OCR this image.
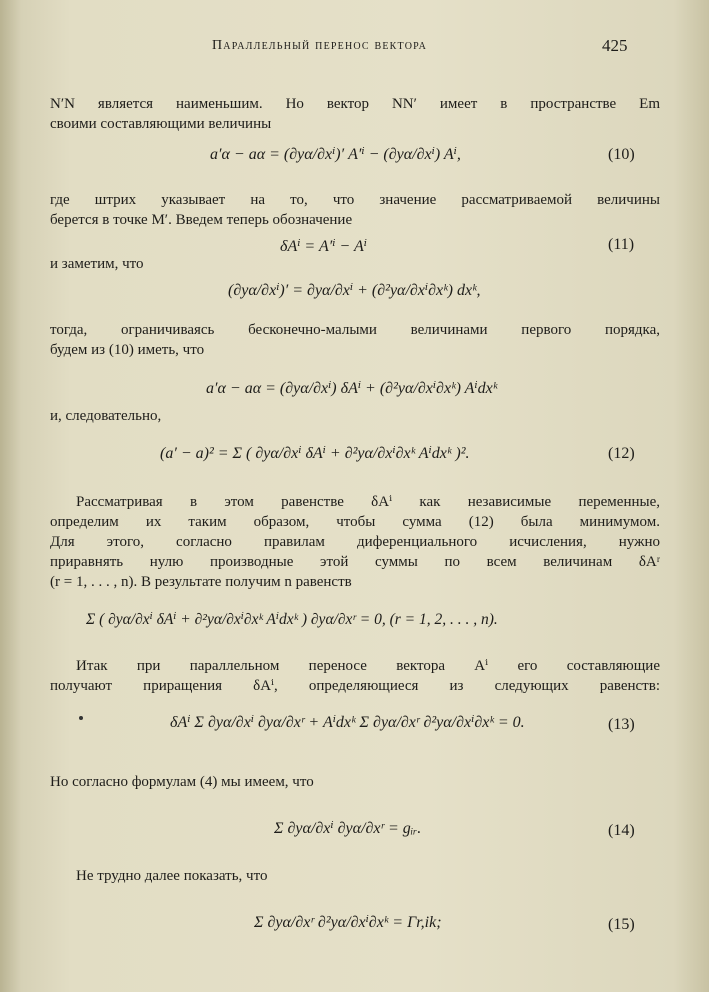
Параллельный перенос вектора	425
N′N является наименьшим. Но вектор NN′ имеет в пространстве Em
своими составляющими величины
a′α − aα = (∂yα/∂xⁱ)′ A′ⁱ − (∂yα/∂xⁱ) Aⁱ,	(10)
где штрих указывает на то, что значение рассматриваемой величины
берется в точке M′. Введем теперь обозначение
δAⁱ = A′ⁱ − Aⁱ	(11)
и заметим, что
(∂yα/∂xⁱ)′ = ∂yα/∂xⁱ + (∂²yα/∂xⁱ∂xᵏ) dxᵏ,
тогда, ограничиваясь бесконечно-малыми величинами первого порядка,
будем из (10) иметь, что
a′α − aα = (∂yα/∂xⁱ) δAⁱ + (∂²yα/∂xⁱ∂xᵏ) Aⁱdxᵏ
и, следовательно,
(a′ − a)² = Σ ( ∂yα/∂xⁱ δAⁱ + ∂²yα/∂xⁱ∂xᵏ Aⁱdxᵏ )².	(12)
Рассматривая в этом равенстве δAⁱ как независимые переменные,
определим их таким образом, чтобы сумма (12) была минимумом.
Для этого, согласно правилам диференциального исчисления, нужно
приравнять нулю производные этой суммы по всем величинам δAʳ
(r = 1, . . . , n). В результате получим n равенств
Σ ( ∂yα/∂xⁱ δAⁱ + ∂²yα/∂xⁱ∂xᵏ Aⁱdxᵏ ) ∂yα/∂xʳ = 0, (r = 1, 2, . . . , n).
Итак при параллельном переносе вектора Aⁱ его составляющие
получают приращения δAⁱ, определяющиеся из следующих равенств:
δAⁱ Σ ∂yα/∂xⁱ ∂yα/∂xʳ + Aⁱdxᵏ Σ ∂yα/∂xʳ ∂²yα/∂xⁱ∂xᵏ = 0.	(13)
Но согласно формулам (4) мы имеем, что
Σ ∂yα/∂xⁱ ∂yα/∂xʳ = gᵢᵣ.	(14)
Не трудно далее показать, что
Σ ∂yα/∂xʳ ∂²yα/∂xⁱ∂xᵏ = Γr,ik;	(15)
